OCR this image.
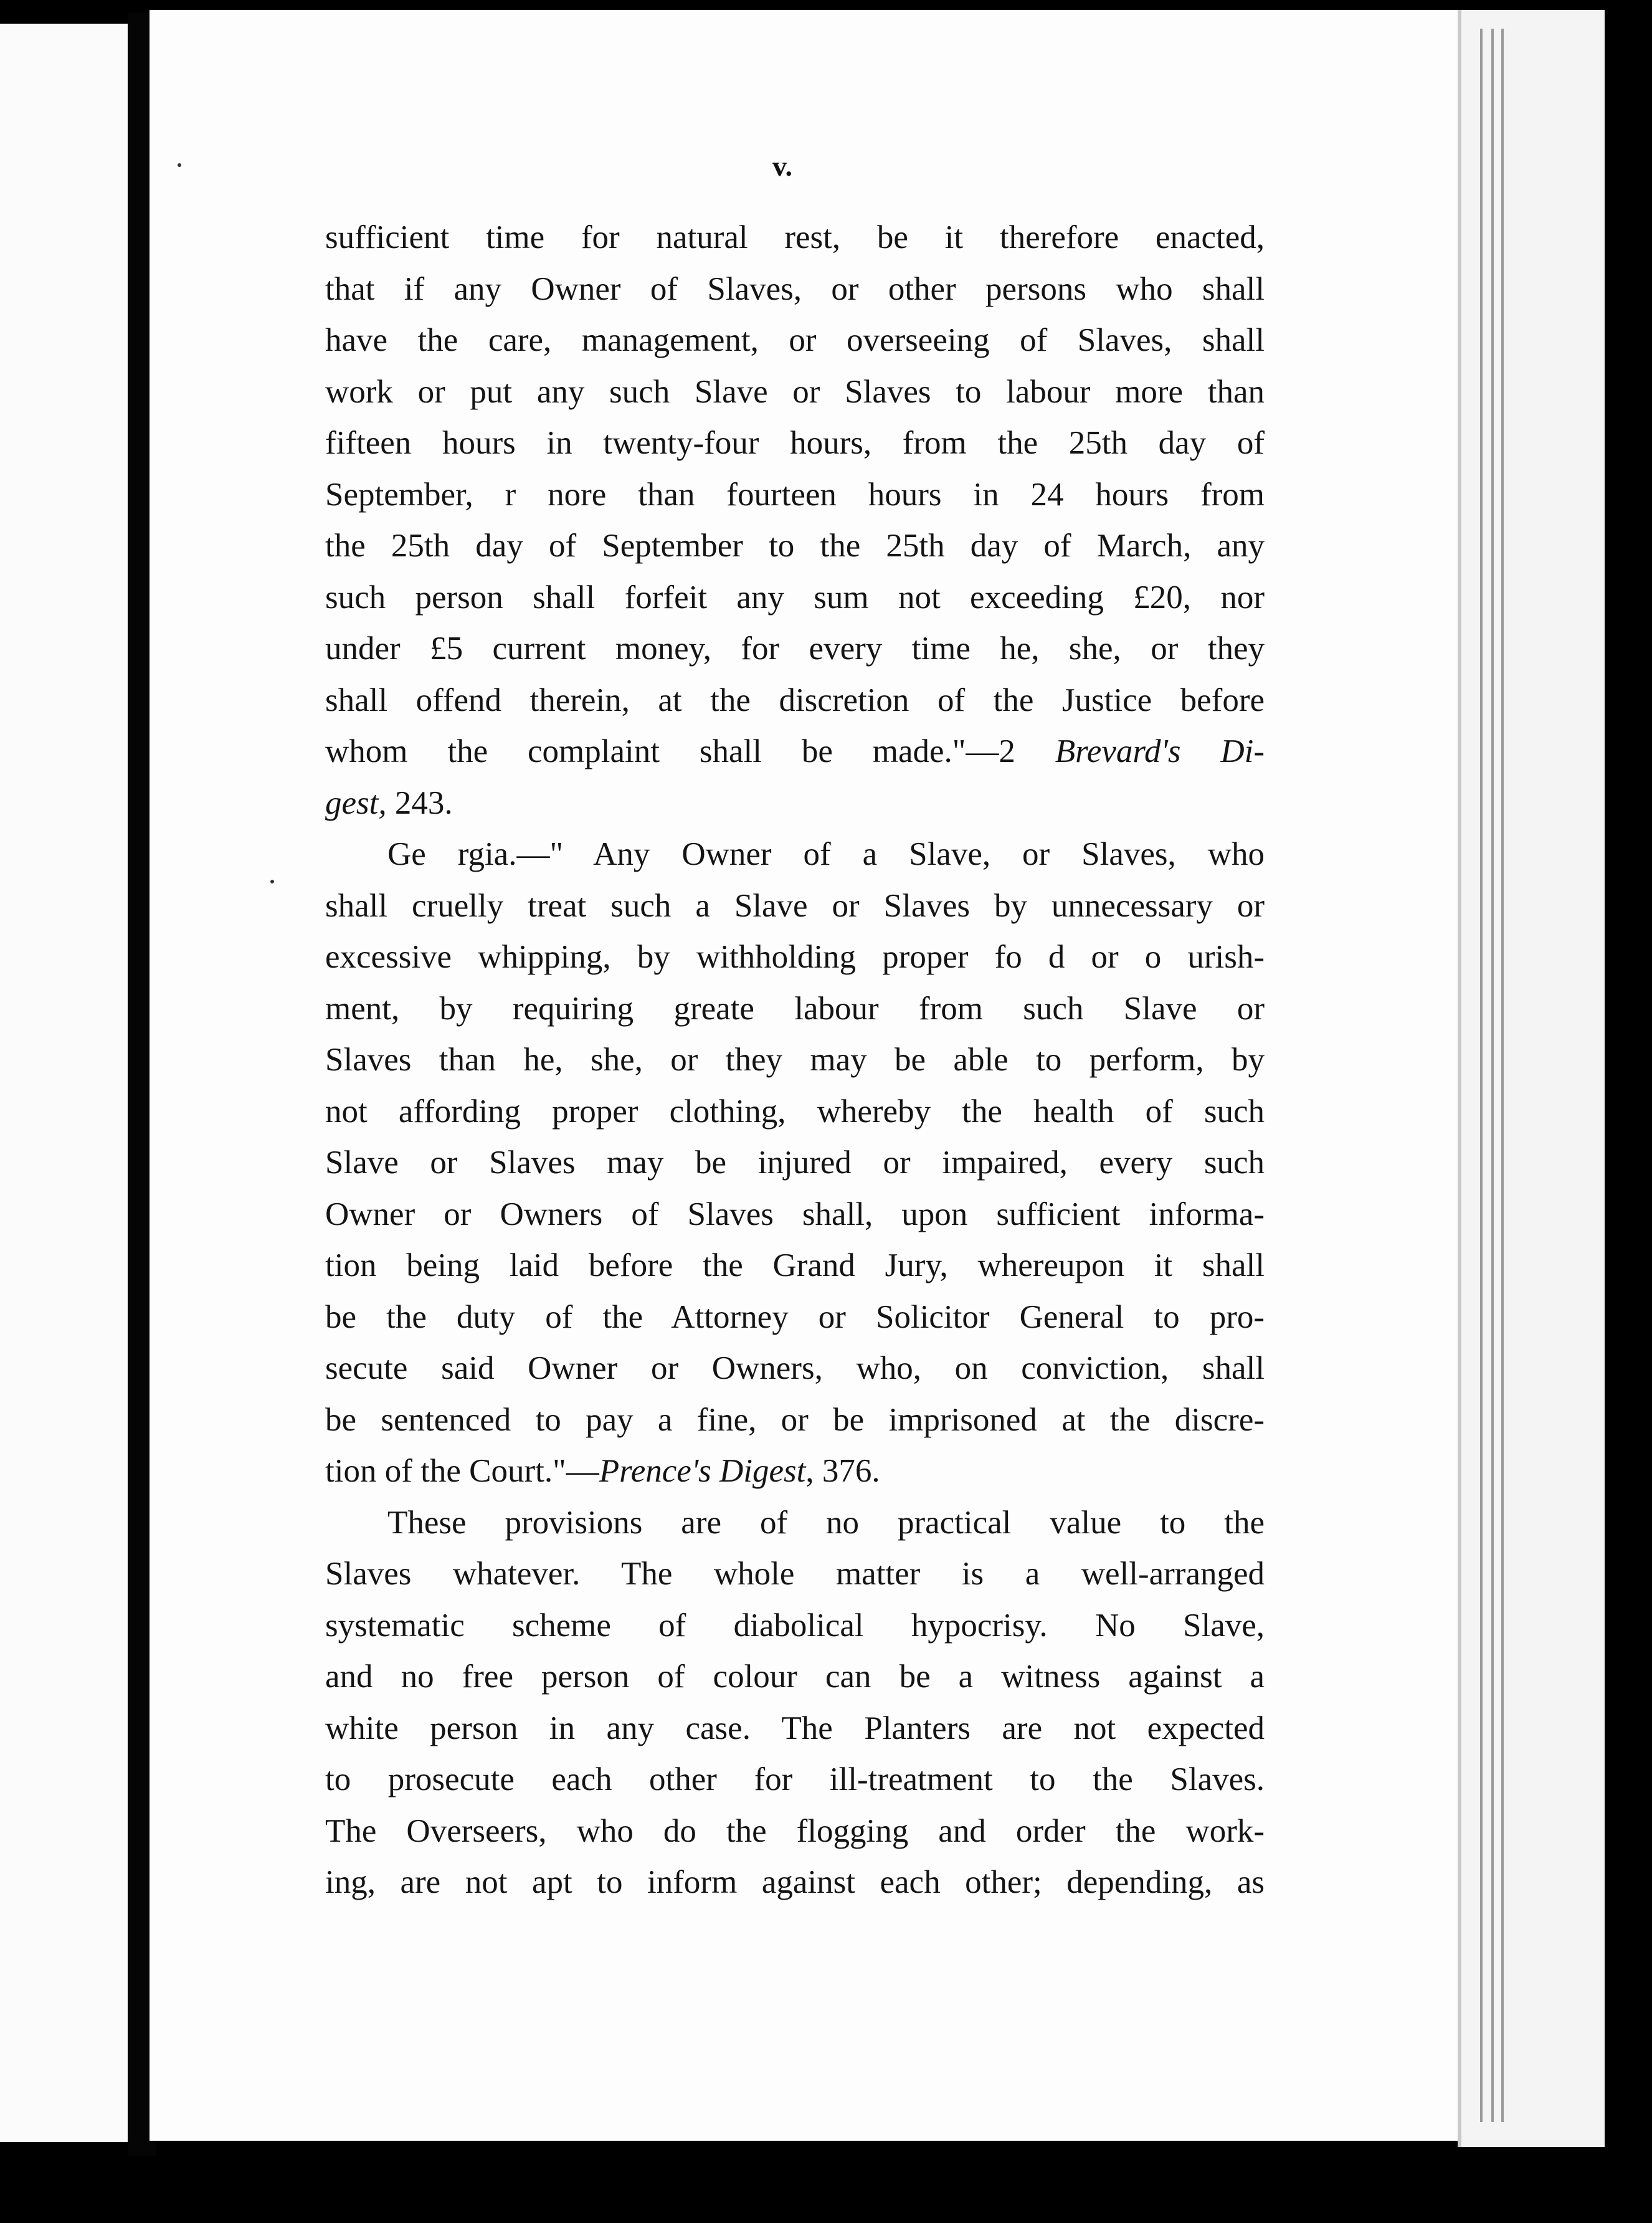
v.
sufficient time for natural rest, be it therefore enacted,
that if any Owner of Slaves, or other persons who shall
have the care, management, or overseeing of Slaves, shall
work or put any such Slave or Slaves to labour more than
fifteen hours in twenty-four hours, from the 25th day of
September, r nore than fourteen hours in 24 hours from
the 25th day of September to the 25th day of March, any
such person shall forfeit any sum not exceeding £20, nor
under £5 current money, for every time he, she, or they
shall offend therein, at the discretion of the Justice before
whom the complaint shall be made."—2 Brevard's Di-
gest, 243.
Ge rgia.—" Any Owner of a Slave, or Slaves, who
shall cruelly treat such a Slave or Slaves by unnecessary or
excessive whipping, by withholding proper fo d or o urish-
ment, by requiring greate labour from such Slave or
Slaves than he, she, or they may be able to perform, by
not affording proper clothing, whereby the health of such
Slave or Slaves may be injured or impaired, every such
Owner or Owners of Slaves shall, upon sufficient informa-
tion being laid before the Grand Jury, whereupon it shall
be the duty of the Attorney or Solicitor General to pro-
secute said Owner or Owners, who, on conviction, shall
be sentenced to pay a fine, or be imprisoned at the discre-
tion of the Court."—Prence's Digest, 376.
These provisions are of no practical value to the
Slaves whatever. The whole matter is a well-arranged
systematic scheme of diabolical hypocrisy. No Slave,
and no free person of colour can be a witness against a
white person in any case. The Planters are not expected
to prosecute each other for ill-treatment to the Slaves.
The Overseers, who do the flogging and order the work-
ing, are not apt to inform against each other; depending, as
